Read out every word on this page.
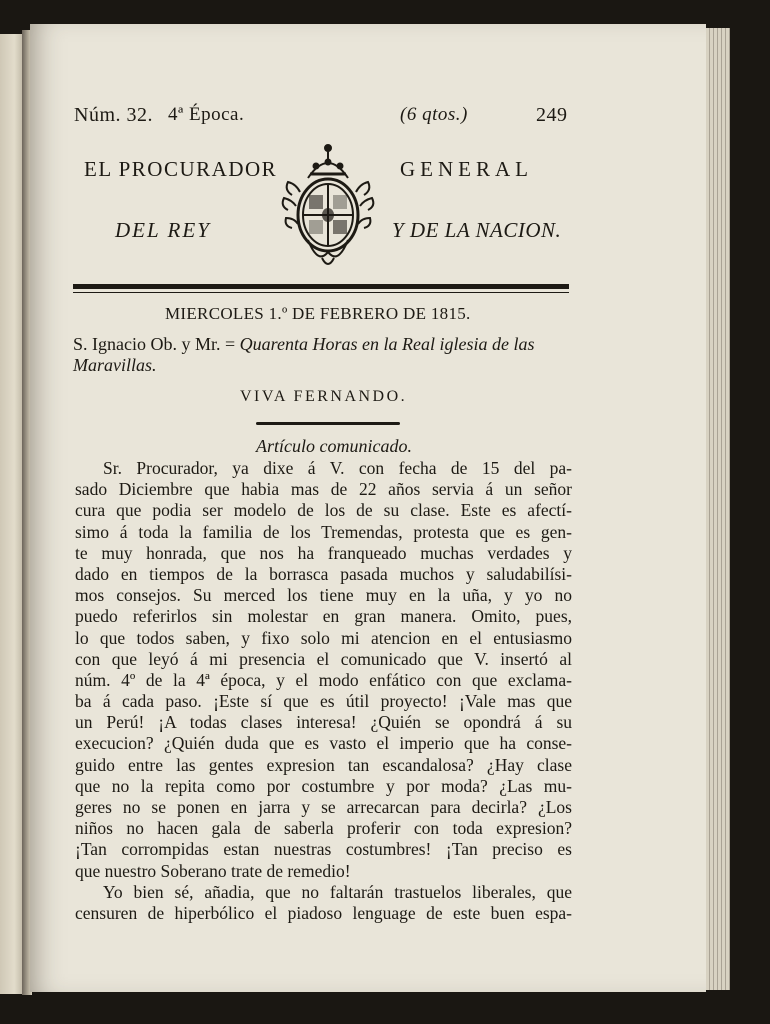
Núm. 32. 4ª Época.	(6 qtos.)	249
EL PROCURADOR	GENERAL
DEL REY	Y DE LA NACION.
MIERCOLES 1.º DE FEBRERO DE 1815.
S. Ignacio Ob. y Mr. = Quarenta Horas en la Real iglesia de las Maravillas.
VIVA FERNANDO.
Artículo comunicado.
Sr. Procurador, ya dixe á V. con fecha de 15 del pa-
sado Diciembre que habia mas de 22 años servia á un señor
cura que podia ser modelo de los de su clase. Este es afectí-
simo á toda la familia de los Tremendas, protesta que es gen-
te muy honrada, que nos ha franqueado muchas verdades y
dado en tiempos de la borrasca pasada muchos y saludabilísi-
mos consejos. Su merced los tiene muy en la uña, y yo no
puedo referirlos sin molestar en gran manera. Omito, pues,
lo que todos saben, y fixo solo mi atencion en el entusiasmo
con que leyó á mi presencia el comunicado que V. insertó al
núm. 4º de la 4ª época, y el modo enfático con que exclama-
ba á cada paso. ¡Este sí que es útil proyecto! ¡Vale mas que
un Perú! ¡A todas clases interesa! ¿Quién se opondrá á su
execucion? ¿Quién duda que es vasto el imperio que ha conse-
guido entre las gentes expresion tan escandalosa? ¿Hay clase
que no la repita como por costumbre y por moda? ¿Las mu-
geres no se ponen en jarra y se arrecarcan para decirla? ¿Los
niños no hacen gala de saberla proferir con toda expresion?
¡Tan corrompidas estan nuestras costumbres! ¡Tan preciso es
que nuestro Soberano trate de remedio!
Yo bien sé, añadia, que no faltarán trastuelos liberales, que
censuren de hiperbólico el piadoso lenguage de este buen espa-
